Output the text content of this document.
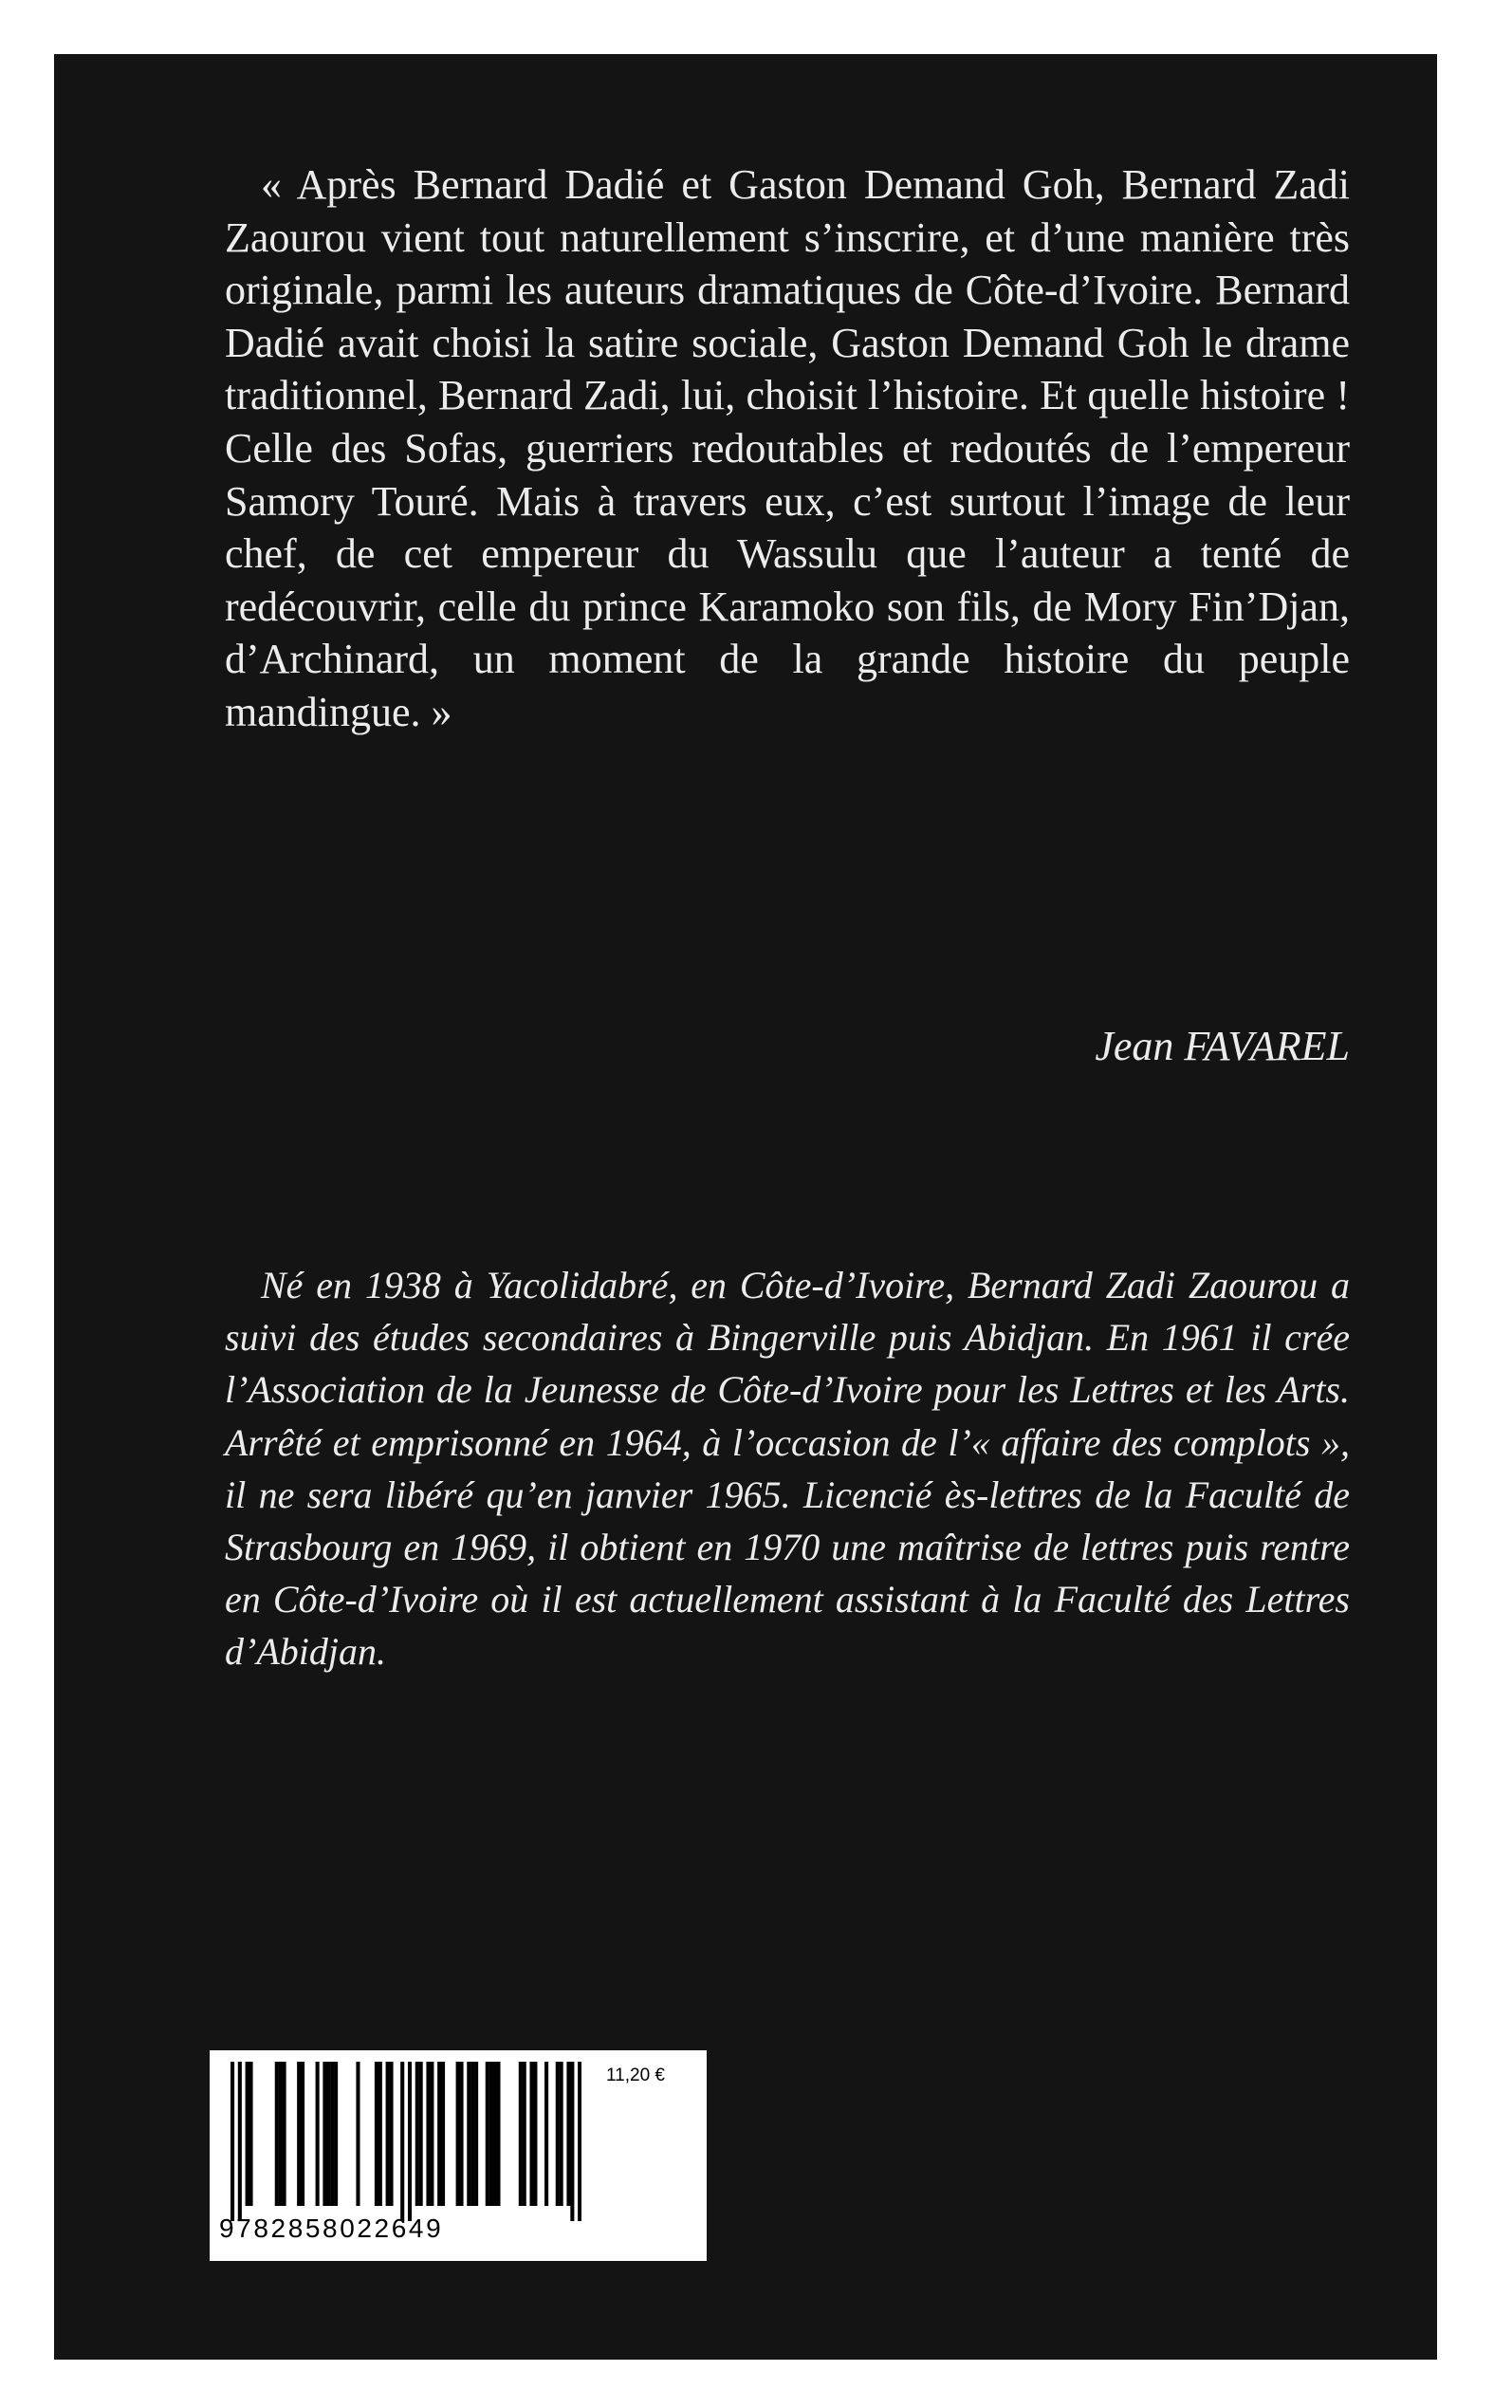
« Après Bernard Dadié et Gaston Demand Goh, Bernard Zadi Zaourou vient tout naturellement s’inscrire, et d’une manière très originale, parmi les auteurs dramatiques de Côte-d’Ivoire. Bernard Dadié avait choisi la satire sociale, Gaston Demand Goh le drame traditionnel, Bernard Zadi, lui, choisit l’histoire. Et quelle histoire ! Celle des Sofas, guerriers redoutables et redoutés de l’empereur Samory Touré. Mais à travers eux, c’est surtout l’image de leur chef, de cet empereur du Wassulu que l’auteur a tenté de redécouvrir, celle du prince Karamoko son fils, de Mory Fin’Djan, d’Archinard, un moment de la grande histoire du peuple mandingue. »

Jean FAVAREL

Né en 1938 à Yacolidabré, en Côte-d’Ivoire, Bernard Zadi Zaourou a suivi des études secondaires à Bingerville puis Abidjan. En 1961 il crée l’Association de la Jeunesse de Côte-d’Ivoire pour les Lettres et les Arts. Arrêté et emprisonné en 1964, à l’occasion de l’« affaire des complots », il ne sera libéré qu’en janvier 1965. Licencié ès-lettres de la Faculté de Strasbourg en 1969, il obtient en 1970 une maîtrise de lettres puis rentre en Côte-d’Ivoire où il est actuellement assistant à la Faculté des Lettres d’Abidjan.

9782858022649
11,20 €
